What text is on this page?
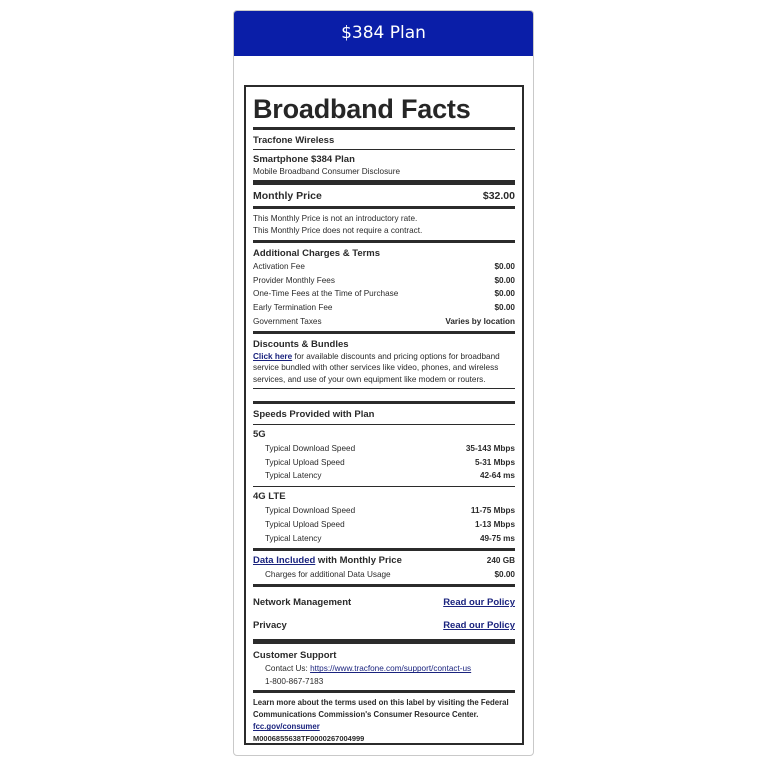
$384 Plan
Broadband Facts
Tracfone Wireless
Smartphone $384 Plan
Mobile Broadband Consumer Disclosure
Monthly Price	$32.00
This Monthly Price is not an introductory rate.
This Monthly Price does not require a contract.
Additional Charges & Terms
Activation Fee	$0.00
Provider Monthly Fees	$0.00
One-Time Fees at the Time of Purchase	$0.00
Early Termination Fee	$0.00
Government Taxes	Varies by location
Discounts & Bundles
Click here for available discounts and pricing options for broadband service bundled with other services like video, phones, and wireless services, and use of your own equipment like modem or routers.
Speeds Provided with Plan
5G
Typical Download Speed	35-143 Mbps
Typical Upload Speed	5-31 Mbps
Typical Latency	42-64 ms
4G LTE
Typical Download Speed	11-75 Mbps
Typical Upload Speed	1-13 Mbps
Typical Latency	49-75 ms
Data Included with Monthly Price	240 GB
Charges for additional Data Usage	$0.00
Network Management	Read our Policy
Privacy	Read our Policy
Customer Support
Contact Us: https://www.tracfone.com/support/contact-us
1-800-867-7183
Learn more about the terms used on this label by visiting the Federal Communications Commission's Consumer Resource Center.
fcc.gov/consumer
M0006855638TF0000267004999
